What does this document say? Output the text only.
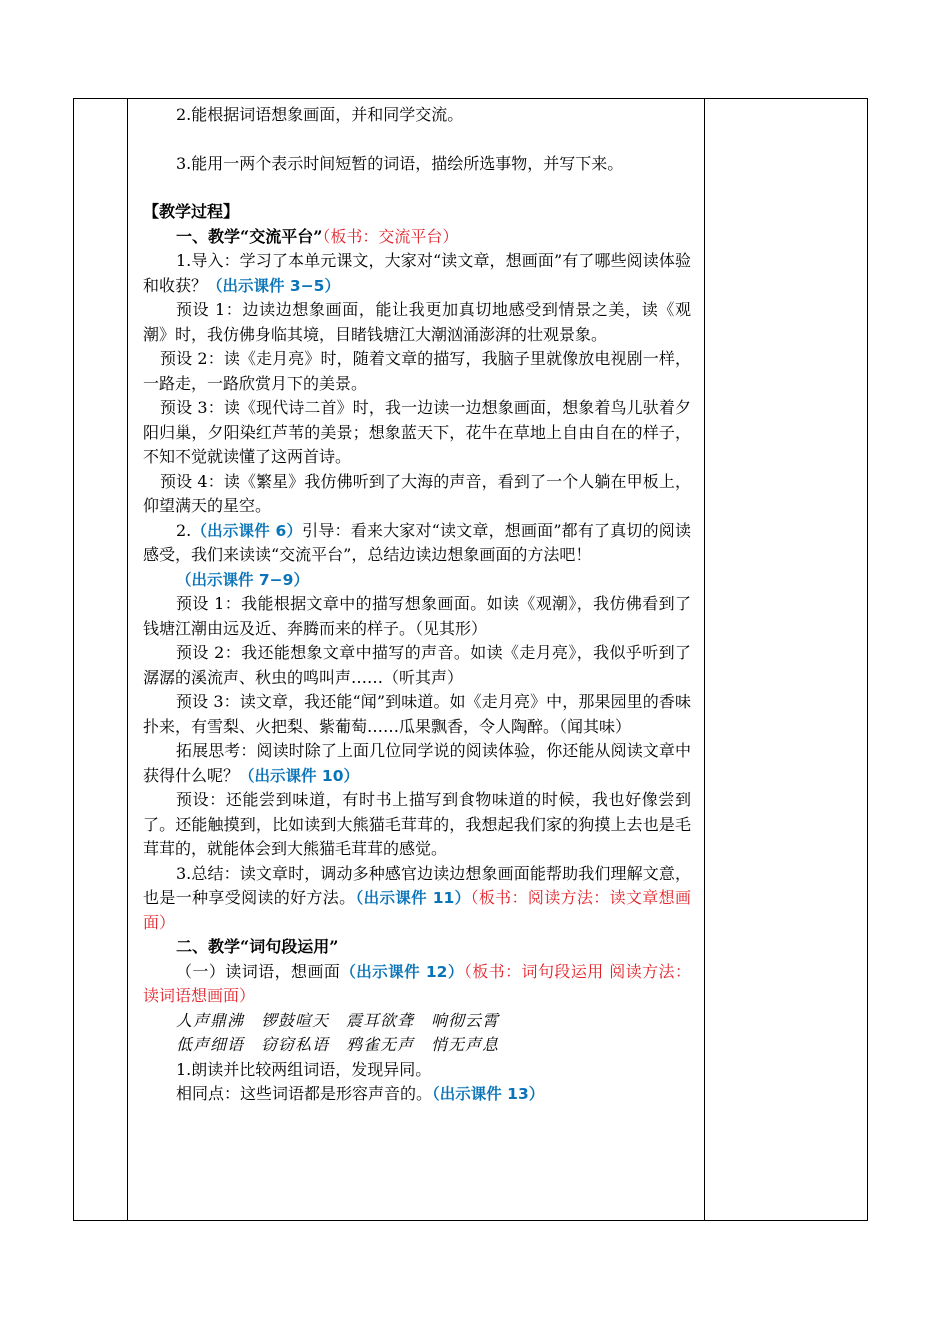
2.能根据词语想象画面，并和同学交流。

3.能用一两个表示时间短暂的词语，描绘所选事物，并写下来。

【教学过程】

一、教学“交流平台”（板书：交流平台）

1.导入：学习了本单元课文，大家对“读文章，想画面”有了哪些阅读体验和收获？（出示课件 3−5）

预设 1：边读边想象画面，能让我更加真切地感受到情景之美，读《观潮》时，我仿佛身临其境，目睹钱塘江大潮汹涌澎湃的壮观景象。

预设 2：读《走月亮》时，随着文章的描写，我脑子里就像放电视剧一样，一路走，一路欣赏月下的美景。

预设 3：读《现代诗二首》时，我一边读一边想象画面，想象着鸟儿驮着夕阳归巢，夕阳染红芦苇的美景；想象蓝天下，花牛在草地上自由自在的样子，不知不觉就读懂了这两首诗。

预设 4：读《繁星》我仿佛听到了大海的声音，看到了一个人躺在甲板上，仰望满天的星空。

2.（出示课件 6）引导：看来大家对“读文章，想画面”都有了真切的阅读感受，我们来读读“交流平台”，总结边读边想象画面的方法吧！

（出示课件 7−9）

预设 1：我能根据文章中的描写想象画面。如读《观潮》，我仿佛看到了钱塘江潮由远及近、奔腾而来的样子。（见其形）

预设 2：我还能想象文章中描写的声音。如读《走月亮》，我似乎听到了潺潺的溪流声、秋虫的鸣叫声……（听其声）

预设 3：读文章，我还能“闻”到味道。如《走月亮》中，那果园里的香味扑来，有雪梨、火把梨、紫葡萄……瓜果飘香，令人陶醉。（闻其味）

拓展思考：阅读时除了上面几位同学说的阅读体验，你还能从阅读文章中获得什么呢？（出示课件 10）

预设：还能尝到味道，有时书上描写到食物味道的时候，我也好像尝到了。还能触摸到，比如读到大熊猫毛茸茸的，我想起我们家的狗摸上去也是毛茸茸的，就能体会到大熊猫毛茸茸的感觉。

3.总结：读文章时，调动多种感官边读边想象画面能帮助我们理解文意，也是一种享受阅读的好方法。（出示课件 11）（板书：阅读方法：读文章想画面）

二、教学“词句段运用”

（一）读词语，想画面（出示课件 12）（板书：词句段运用 阅读方法：读词语想画面）

人声鼎沸　锣鼓喧天　震耳欲聋　响彻云霄

低声细语　窃窃私语　鸦雀无声　悄无声息

1.朗读并比较两组词语，发现异同。

相同点：这些词语都是形容声音的。（出示课件 13）
